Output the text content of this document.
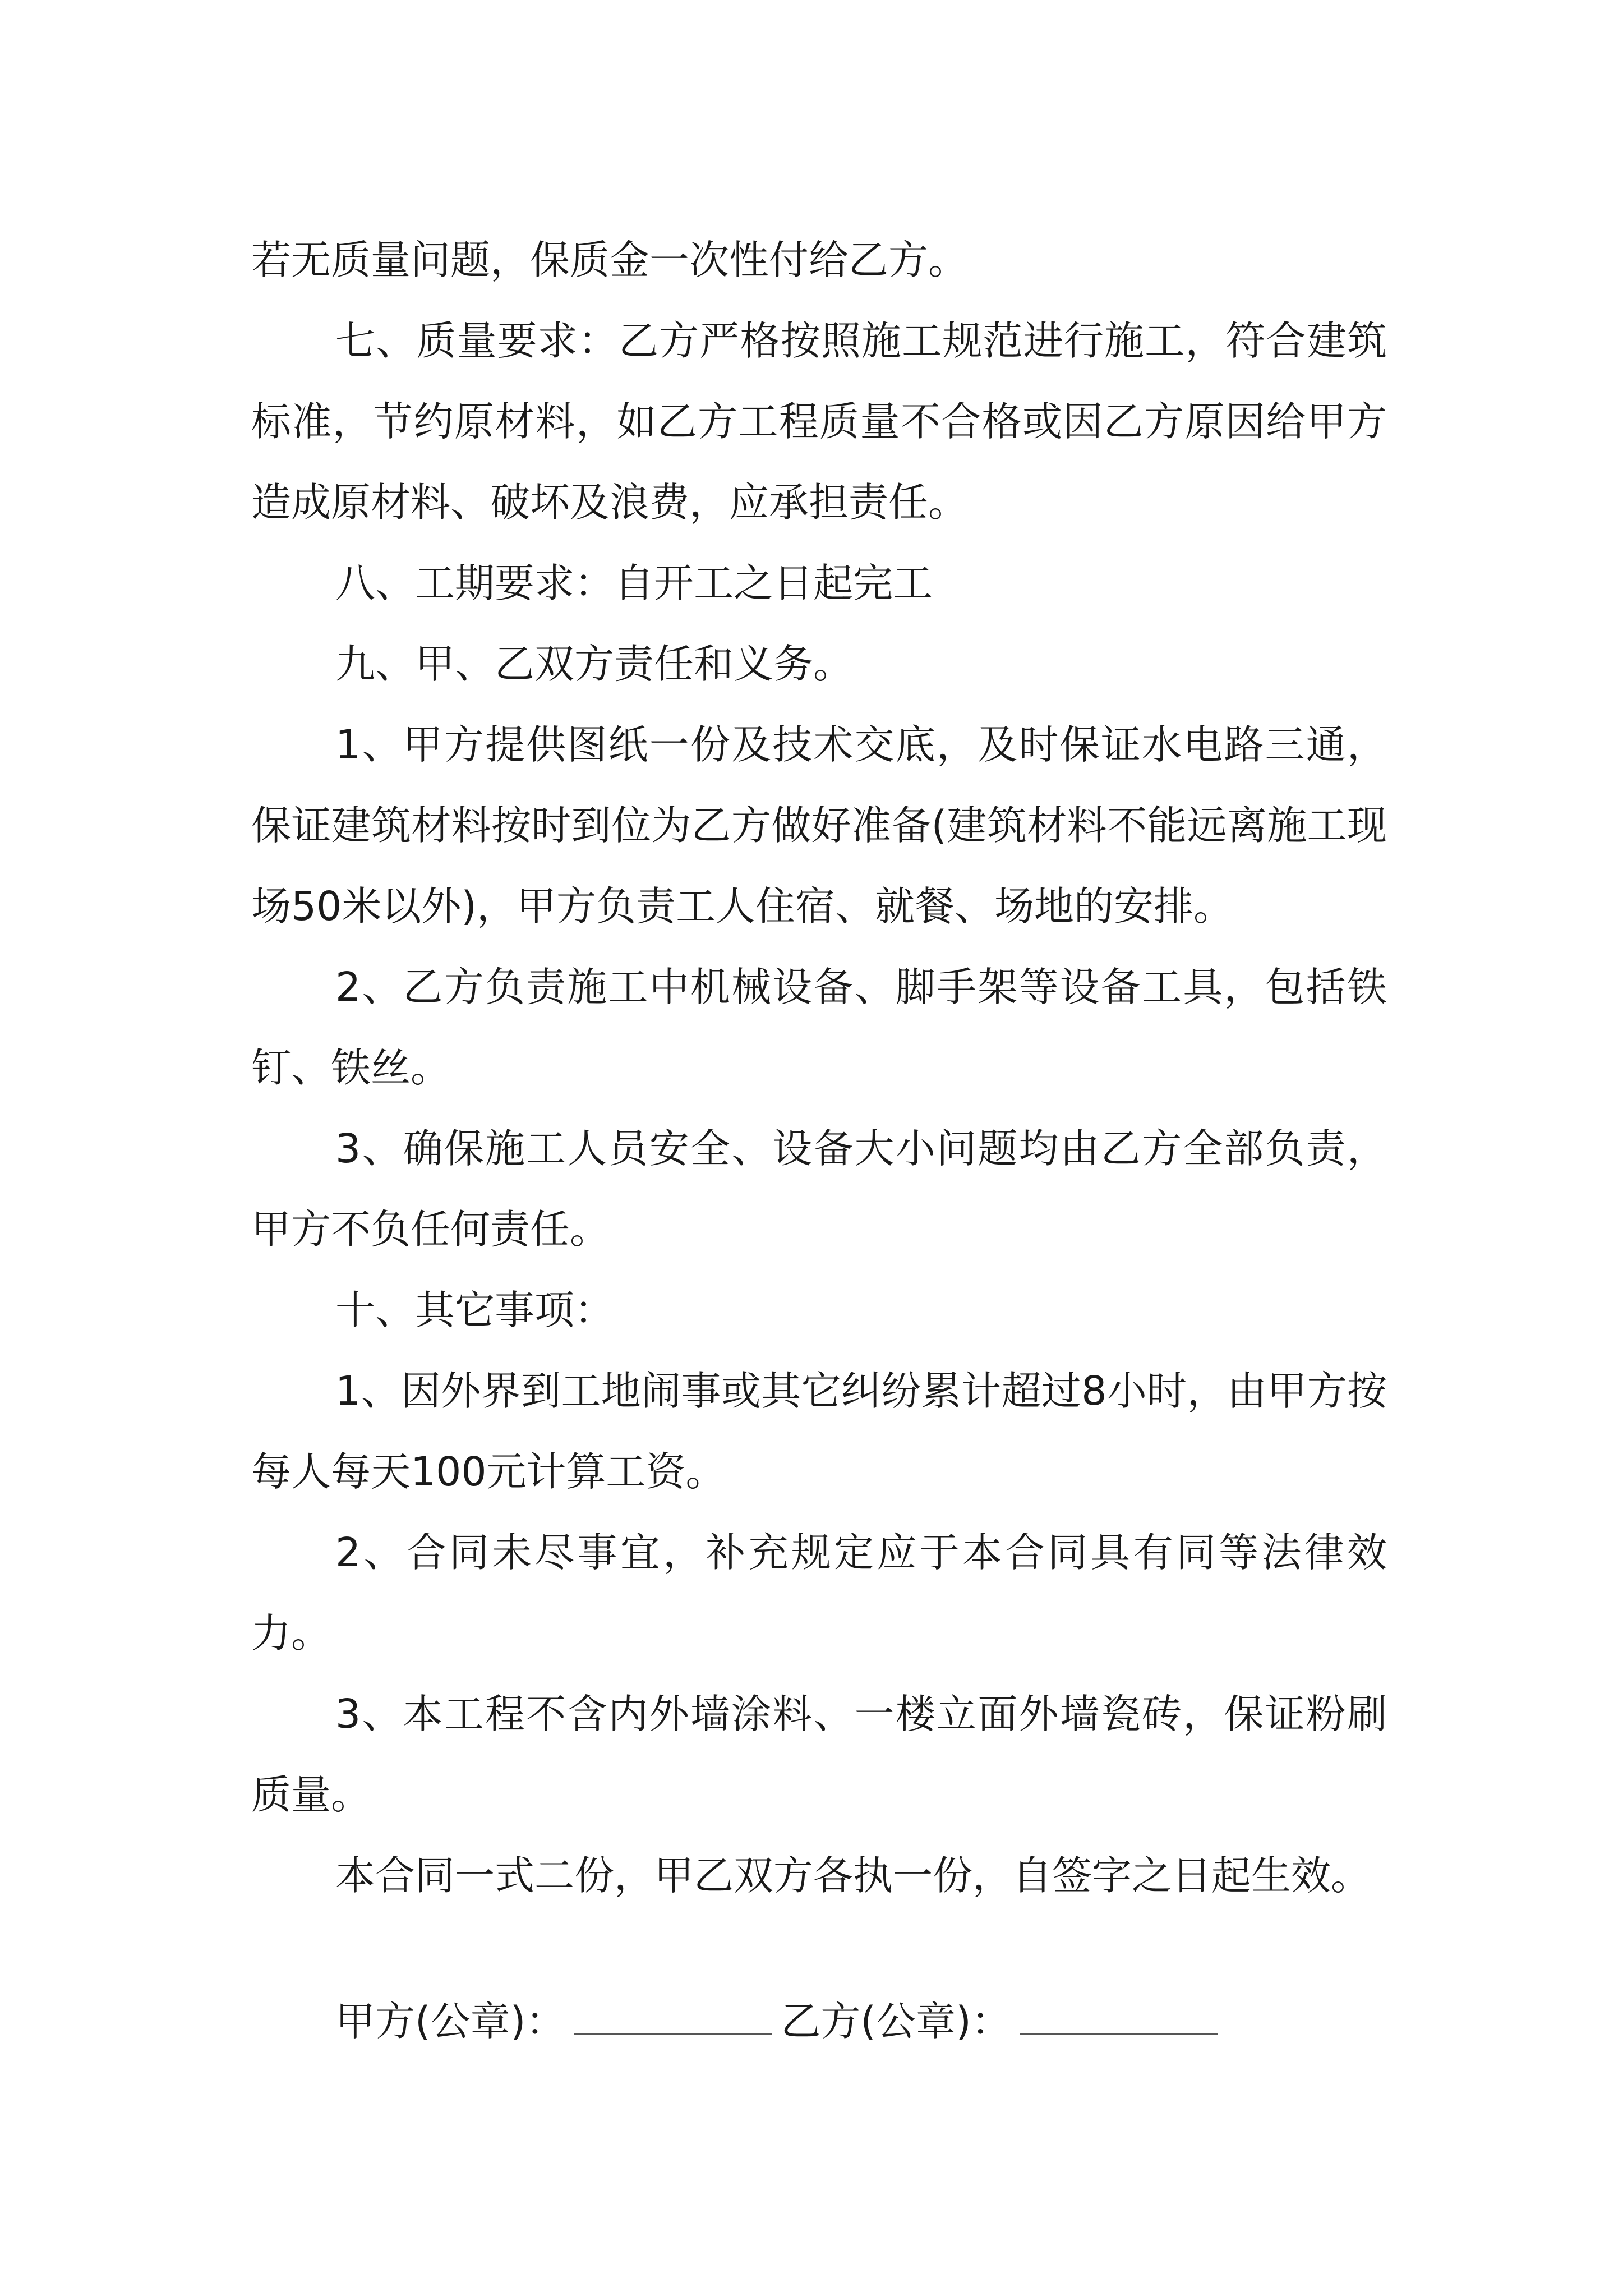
若无质量问题，保质金一次性付给乙方。

七、质量要求：乙方严格按照施工规范进行施工，符合建筑标准，节约原材料，如乙方工程质量不合格或因乙方原因给甲方造成原材料、破坏及浪费，应承担责任。

八、工期要求：自开工之日起完工

九、甲、乙双方责任和义务。

1、甲方提供图纸一份及技术交底，及时保证水电路三通，保证建筑材料按时到位为乙方做好准备(建筑材料不能远离施工现场50米以外)，甲方负责工人住宿、就餐、场地的安排。

2、乙方负责施工中机械设备、脚手架等设备工具，包括铁钉、铁丝。

3、确保施工人员安全、设备大小问题均由乙方全部负责，甲方不负任何责任。

十、其它事项：

1、因外界到工地闹事或其它纠纷累计超过8小时，由甲方按每人每天100元计算工资。

2、合同未尽事宜，补充规定应于本合同具有同等法律效力。

3、本工程不含内外墙涂料、一楼立面外墙瓷砖，保证粉刷质量。

本合同一式二份，甲乙双方各执一份，自签字之日起生效。

甲方(公章)：	乙方(公章)：
